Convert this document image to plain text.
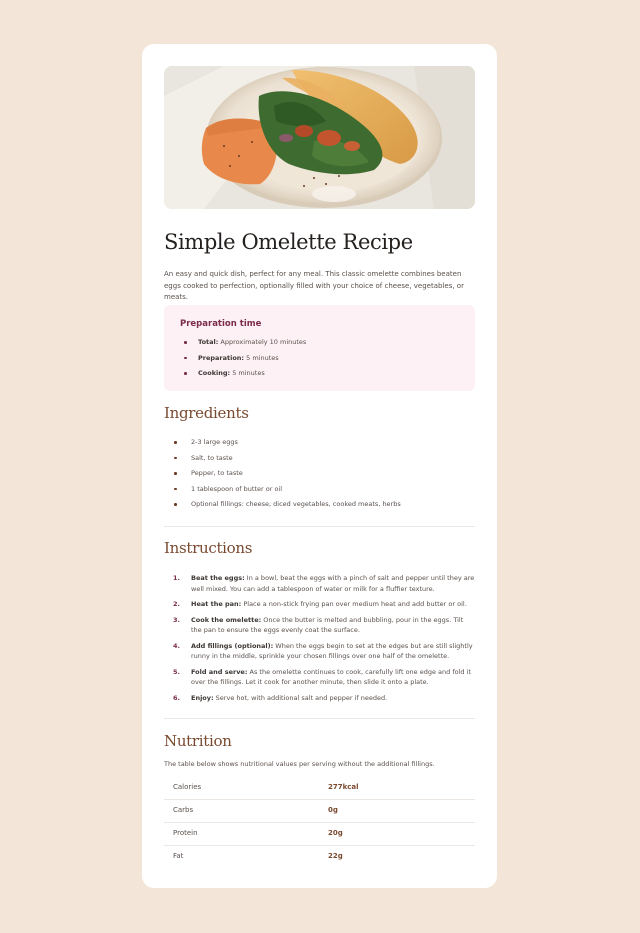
Simple Omelette Recipe

An easy and quick dish, perfect for any meal. This classic omelette combines beaten eggs cooked to perfection, optionally filled with your choice of cheese, vegetables, or meats.

Preparation time
Total: Approximately 10 minutes
Preparation: 5 minutes
Cooking: 5 minutes
Ingredients
2-3 large eggs
Salt, to taste
Pepper, to taste
1 tablespoon of butter or oil
Optional fillings: cheese, diced vegetables, cooked meats, herbs
Instructions
1. Beat the eggs: In a bowl, beat the eggs with a pinch of salt and pepper until they are well mixed. You can add a tablespoon of water or milk for a fluffier texture.
2. Heat the pan: Place a non-stick frying pan over medium heat and add butter or oil.
3. Cook the omelette: Once the butter is melted and bubbling, pour in the eggs. Tilt the pan to ensure the eggs evenly coat the surface.
4. Add fillings (optional): When the eggs begin to set at the edges but are still slightly runny in the middle, sprinkle your chosen fillings over one half of the omelette.
5. Fold and serve: As the omelette continues to cook, carefully lift one edge and fold it over the fillings. Let it cook for another minute, then slide it onto a plate.
6. Enjoy: Serve hot, with additional salt and pepper if needed.
Nutrition

The table below shows nutritional values per serving without the additional fillings.

Calories	277kcal
Carbs	0g
Protein	20g
Fat	22g
